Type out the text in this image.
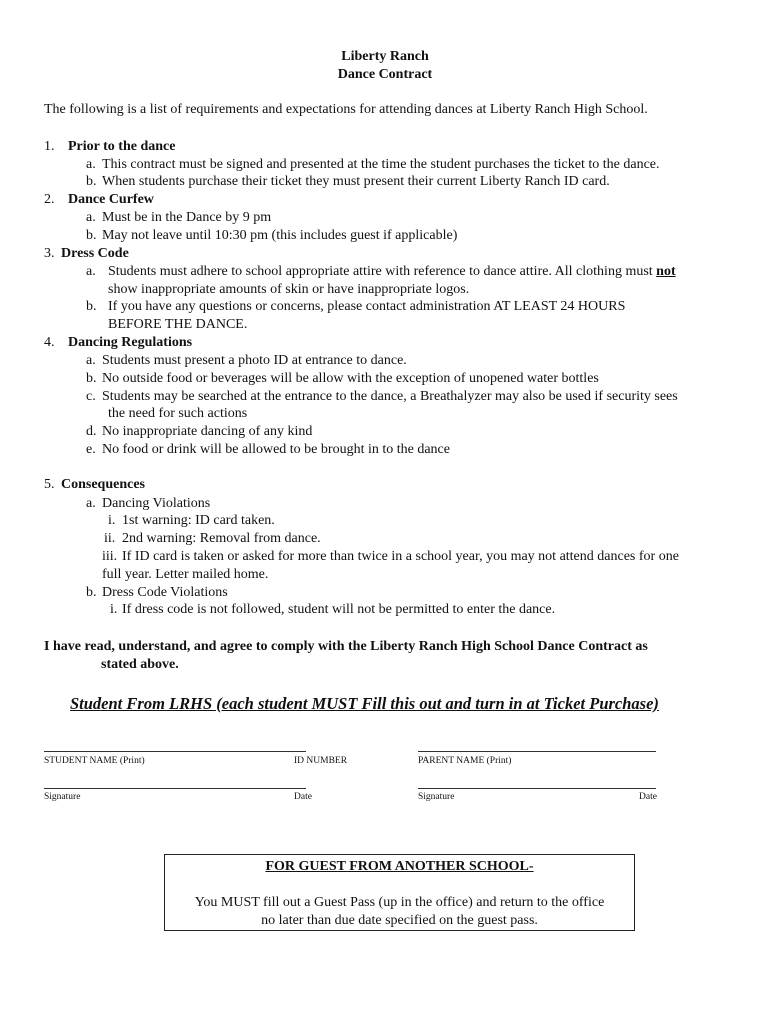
Liberty Ranch
Dance Contract
The following is a list of requirements and expectations for attending dances at Liberty Ranch High School.
1. Prior to the dance
a. This contract must be signed and presented at the time the student purchases the ticket to the dance.
b. When students purchase their ticket they must present their current Liberty Ranch ID card.
2. Dance Curfew
a. Must be in the Dance by 9 pm
b. May not leave until 10:30 pm (this includes guest if applicable)
3. Dress Code
a. Students must adhere to school appropriate attire with reference to dance attire. All clothing must not
show inappropriate amounts of skin or have inappropriate logos.
b. If you have any questions or concerns, please contact administration AT LEAST 24 HOURS
BEFORE THE DANCE.
4. Dancing Regulations
a. Students must present a photo ID at entrance to dance.
b. No outside food or beverages will be allow with the exception of unopened water bottles
c. Students may be searched at the entrance to the dance, a Breathalyzer may also be used if security sees
the need for such actions
d. No inappropriate dancing of any kind
e. No food or drink will be allowed to be brought in to the dance
5. Consequences
a. Dancing Violations
i. 1st warning: ID card taken.
ii. 2nd warning: Removal from dance.
iii. If ID card is taken or asked for more than twice in a school year, you may not attend dances for one
full year. Letter mailed home.
b. Dress Code Violations
i. If dress code is not followed, student will not be permitted to enter the dance.
I have read, understand, and agree to comply with the Liberty Ranch High School Dance Contract as
stated above.
Student From LRHS (each student MUST Fill this out and turn in at Ticket Purchase)
STUDENT NAME (Print)	ID NUMBER	PARENT NAME (Print)
Signature	Date	Signature	Date
FOR GUEST FROM ANOTHER SCHOOL-
You MUST fill out a Guest Pass (up in the office) and return to the office
no later than due date specified on the guest pass.
